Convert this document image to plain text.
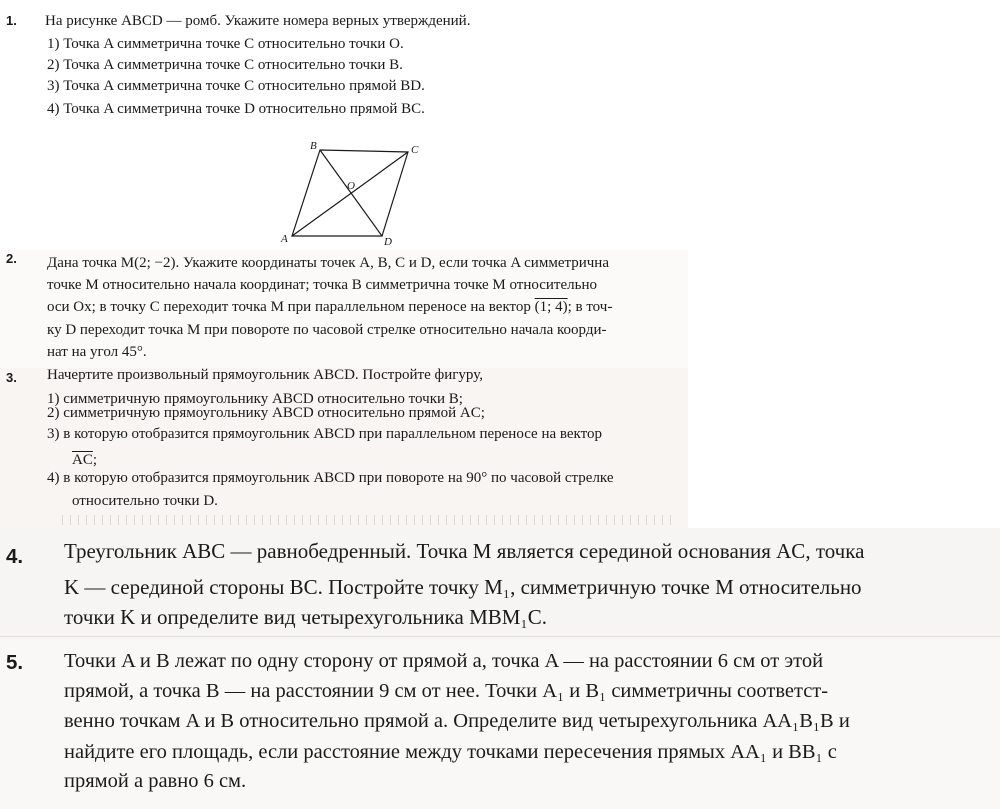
1. На рисунке ABCD — ромб. Укажите номера верных утверждений.
1) Точка A симметрична точке C относительно точки O.
2) Точка A симметрична точке C относительно точки B.
3) Точка A симметрична точке C относительно прямой BD.
4) Точка A симметрична точке D относительно прямой BC.
B	C
O
A	D
2. Дана точка M(2; −2). Укажите координаты точек A, B, C и D, если точка A симметрична
точке M относительно начала координат; точка B симметрична точке M относительно
оси Ox; в точку C переходит точка M при параллельном переносе на вектор (1; 4); в точ-
ку D переходит точка M при повороте по часовой стрелке относительно начала коорди-
нат на угол 45°.
3. Начертите произвольный прямоугольник ABCD. Постройте фигуру,
1) симметричную прямоугольнику ABCD относительно точки B;
2) симметричную прямоугольнику ABCD относительно прямой AC;
3) в которую отобразится прямоугольник ABCD при параллельном переносе на вектор
$\overline{AC}$;
4) в которую отобразится прямоугольник ABCD при повороте на 90° по часовой стрелке
относительно точки D.
4. Треугольник ABC — равнобедренный. Точка M является серединой основания AC, точка
K — серединой стороны BC. Постройте точку M₁, симметричную точке M относительно
точки K и определите вид четырехугольника MBM₁C.
5. Точки A и B лежат по одну сторону от прямой a, точка A — на расстоянии 6 см от этой
прямой, а точка B — на расстоянии 9 см от нее. Точки A₁ и B₁ симметричны соответст-
венно точкам A и B относительно прямой a. Определите вид четырехугольника AA₁B₁B и
найдите его площадь, если расстояние между точками пересечения прямых AA₁ и BB₁ с
прямой a равно 6 см.
